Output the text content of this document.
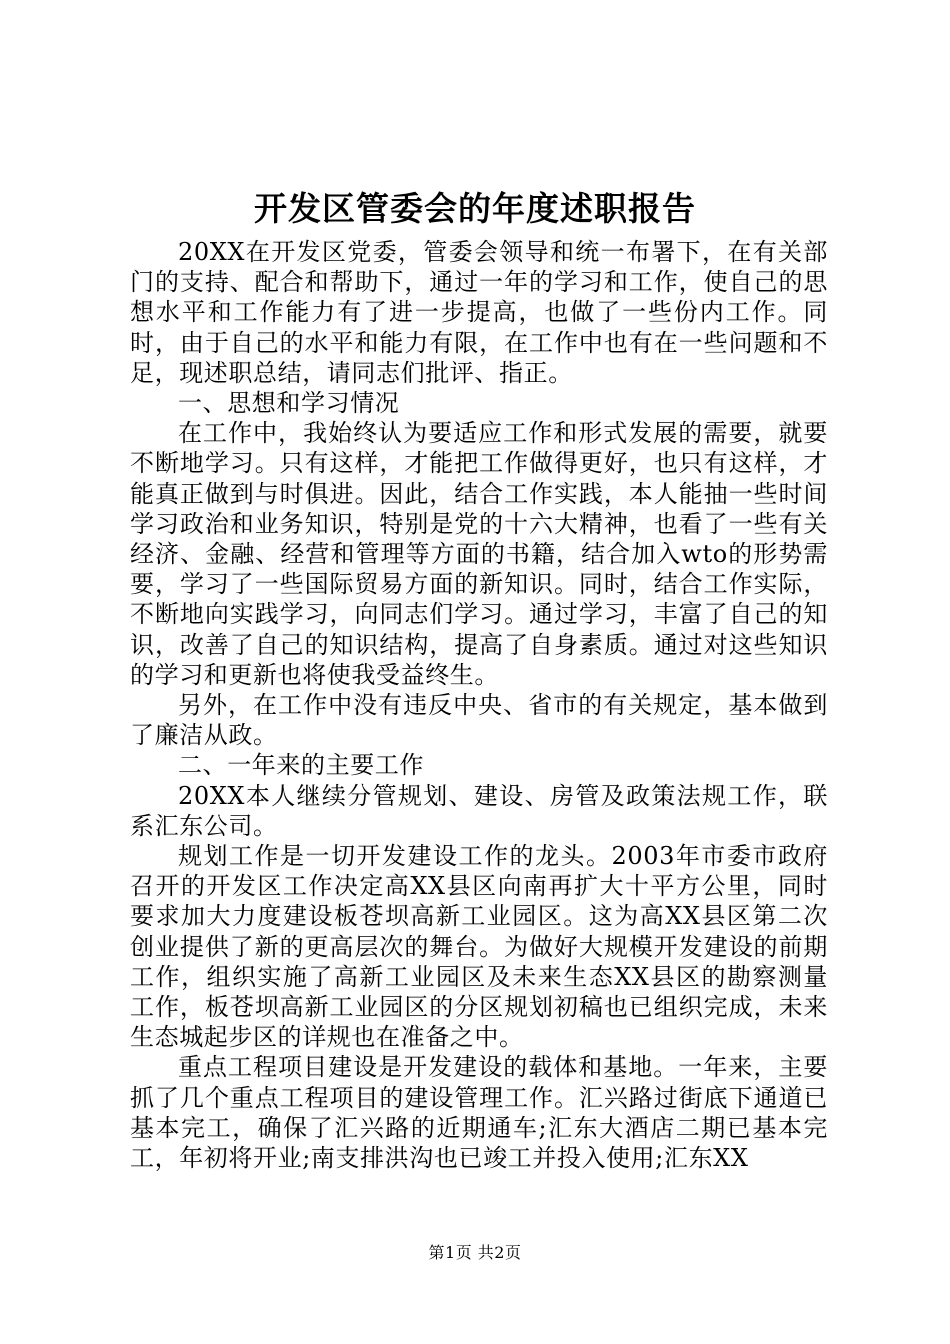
开发区管委会的年度述职报告

20XX在开发区党委，管委会领导和统一布署下，在有关部门的支持、配合和帮助下，通过一年的学习和工作，使自己的思想水平和工作能力有了进一步提高，也做了一些份内工作。同时，由于自己的水平和能力有限，在工作中也有在一些问题和不足，现述职总结，请同志们批评、指正。

一、思想和学习情况

在工作中，我始终认为要适应工作和形式发展的需要，就要不断地学习。只有这样，才能把工作做得更好，也只有这样，才能真正做到与时俱进。因此，结合工作实践，本人能抽一些时间学习政治和业务知识，特别是党的十六大精神，也看了一些有关经济、金融、经营和管理等方面的书籍，结合加入wto的形势需要，学习了一些国际贸易方面的新知识。同时，结合工作实际，不断地向实践学习，向同志们学习。通过学习，丰富了自己的知识，改善了自己的知识结构，提高了自身素质。通过对这些知识的学习和更新也将使我受益终生。

另外，在工作中没有违反中央、省市的有关规定，基本做到了廉洁从政。

二、一年来的主要工作

20XX本人继续分管规划、建设、房管及政策法规工作，联系汇东公司。

规划工作是一切开发建设工作的龙头。2003年市委市政府召开的开发区工作决定高XX县区向南再扩大十平方公里，同时要求加大力度建设板苍坝高新工业园区。这为高XX县区第二次创业提供了新的更高层次的舞台。为做好大规模开发建设的前期工作，组织实施了高新工业园区及未来生态XX县区的勘察测量工作，板苍坝高新工业园区的分区规划初稿也已组织完成，未来生态城起步区的详规也在准备之中。

重点工程项目建设是开发建设的载体和基地。一年来，主要抓了几个重点工程项目的建设管理工作。汇兴路过街底下通道已基本完工，确保了汇兴路的近期通车;汇东大酒店二期已基本完工，年初将开业;南支排洪沟也已竣工并投入使用;汇东XX

第1页 共2页
